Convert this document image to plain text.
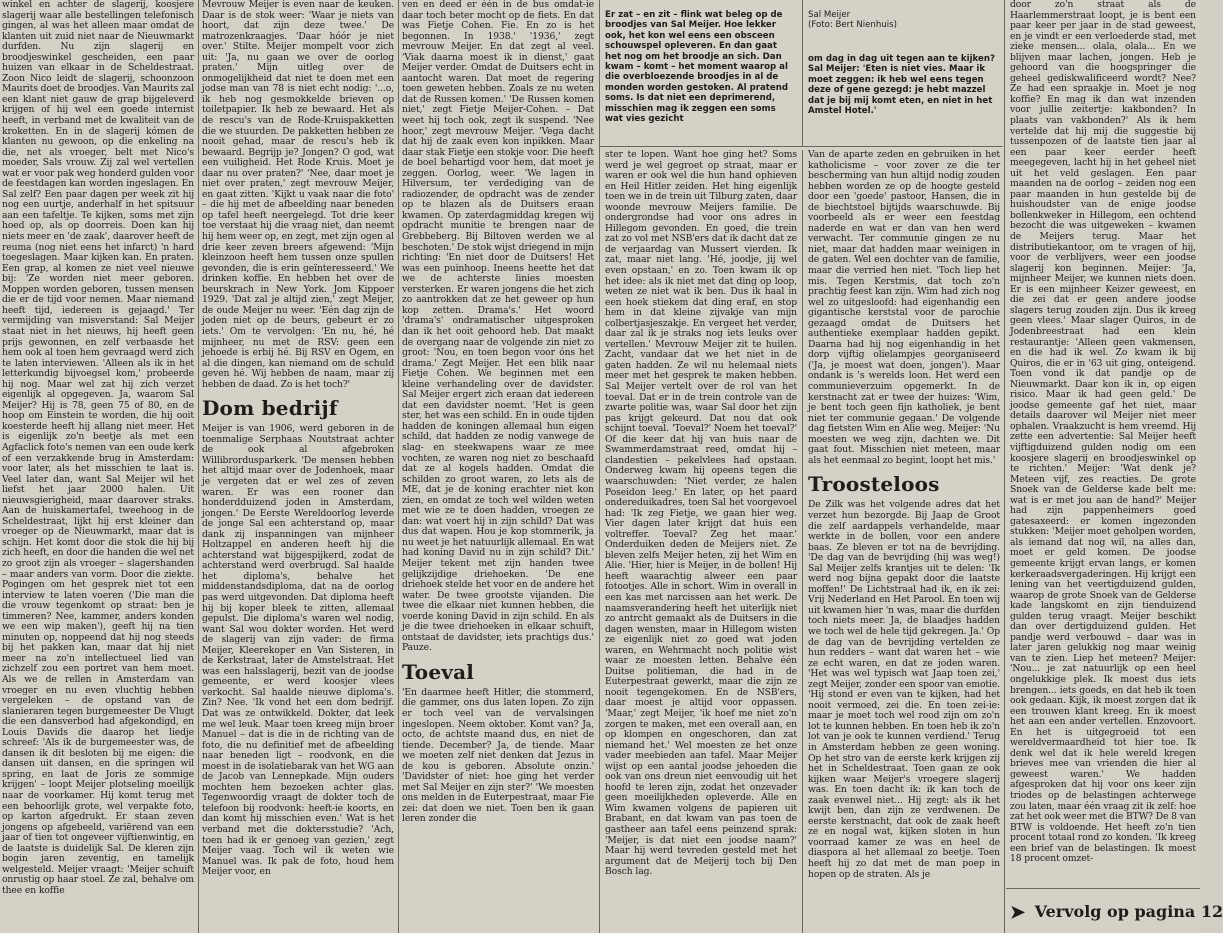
winkel en achter de slagerij, koosjere slagerij waar alle bestellingen telefonisch gingen, al was het alleen maar omdat de klanten uit zuid niet naar de Nieuwmarkt durfden. Nu zijn slagerij en broodjeswinkel gescheiden, een paar huizen van elkaar in de Scheldestraat. Zoon Nico leidt de slagerij, schoonzoon Maurits doet de broodjes. Van Maurits zal een klant niet gauw de grap bijgeleverd krijgen of hij wel een goede internist heeft, in verband met de kwaliteit van de kroketten. En in de slagerij kómen de klanten nu gewoon, op die enkeling na die, net als vroeger, belt met Nico's moeder, Sals vrouw. Zij zal wel vertellen wat er voor pak weg honderd gulden voor de feestdagen kan worden ingeslagen. En Sal zelf? Een paar dagen per week zit hij nog een uurtje, anderhalf in het spitsuur aan een tafeltje. Te kijken, soms met zijn hoed op, als op doorreis. Doen kan hij niets meer en 'de zaak', daarover heeft de reuma (nog niet eens het infarct) 'n hard toegeslagen. Maar kijken kan. En praten. Een grap, al komen ze niet veel nieuwe bij: 'Ze worden niet meer geboren. Moppen worden geboren, tussen mensen die er de tijd voor nemen. Maar niemand heeft tijd, iedereen is gejaagd.' Ter vermijding van misverstand: Sal Meijer staat niet in het nieuws, hij heeft geen prijs gewonnen, en zelf verbaasde het hem ook al toen hem gevraagd werd zich te laten interviewen. 'Alleen als ik in het letterkundig bijvoegsel kom,' probeerde hij nog. Maar wel zat hij zich verzet eigenlijk al opgegeven. Ja, waarom Sal Meijer? Hij is 78, geen 75 of 80, en de hoop om Einstein te worden, die hij ooit koesterde heeft hij allang niet meer. Het is eigenlijk zo'n beetje als met een Agfaclick foto's nemen van een oude kerk of een verzakkende brug in Amsterdam: voor later, als het misschien te laat is. Veel later dan, want Sal Meijer wil het liefst het jaar 2000 halen. Uit nieuwsgierigheid, maar daarover straks. Aan de huiskamertafel, tweehoog in de Scheldestraat, lijkt hij erst kleiner dan vroeger op de Nieuwmarkt, maar dat is schijn. Het komt door die stok die hij bij zich heeft, en door die handen die wel net zo groot zijn als vroeger – slagershanden – maar anders van vorm. Door die ziekte. Pogingen om het gesprek niet tot een interview te laten voeren ('Die man die die vrouw tegenkomt op straat: ben je timmeren? Nee, kammer, anders konden we een wip maken'), geeft hij na tien minuten op, noppeend dat hij nog steeds bij het pakken kan, maar dat hij niet meer na zo'n intellectueel lied van zichzelf zou een portret van hem moet. Als we de rellen in Amsterdam van vroeger en nu even vluchtig hebben vergeleken – de opstand van de slanieraren tegen burgemeester De Vlugt die een dansverbod had afgekondigd, en Louis Davids die daarop het liedje schreef: 'Als ik de burgemeester was, de dansen ik dit besloten bij me eigen: die dansen uit dansen, en die springen wil spring, en laat de Joris ze sommige krijgen' – loopt Meijer plotseling moeilijk naar de voorkamer. Hij komt terug met een behoorlijk grote, wel verpakte foto, op karton afgedrukt. Er staan zeven jongens op afgebeeld, variërend van een jaar of tien tot ongeveer vijftienwintig, en de laatste is duidelijk Sal. De kleren zijn bogin jaren zeventig, en tamelijk welgesteld. Meijer vraagt: 'Meijer schuift onrustig op haar stoel. Ze zal, behalve om thee en koffie

Mevrouw Meijer is even naar de keuken. Daar is de stok weer: 'Waar je niets van hoort, dat zijn deze twee.' De matrozenkraagjes. 'Daar hóór je niet over.' Stilte. Meijer mompelt voor zich uit: 'Ja, nu gaan we over de oorlog praten.' Mijn uitleg over de onmogelijkheid dat niet te doen met een jodse man van 78 is niet echt nodig: '...o, ik heb nog gesmokkelde brieven op toiletpapier. Ik heb ze bewaard. Het als de rescu's van de Rode-Kruispakketten die we stuurden. De pakketten hebben ze nooit gehad, maar de rescu's heb ik bewaard. Begrijp je? Jongen? O god, wat een vuiligheid. Het Rode Kruis. Moet je daar nu over praten?' 'Nee, daar moet je niet over praten,' zegt mevrouw Meijer, en gaat zitten. 'Kijkt u vaak naar die foto' – die hij met de afbeelding naar beneden op tafel heeft neergelegd. Tot drie keer toe verstaat hij die vraag niet, dan neemt hij hem weer op, en zegt, met zijn ogen al drie keer zeven breers afgewend: 'Mijn kleinzoon heeft hem tussen onze spullen gevonden, die is erin geïnteresseerd.' We drinken koffie. En hebben het over de beurskrach in New York. Jom Kippoer 1929. 'Dat zal je altijd zien,' zegt Meijer, de oude Meijer nu weer. 'Eén dag zijn de joden niet op de beurs, gebeurt er zo iets.' Om te vervolgen: 'En nu, hé, hé mijnheer, nu met de RSV: geen een jehoede is erbij hé. Bij RSV en Ogem, en al die dingen, kan niemand om de schuld geven hé. Wij hebben de naam, maar zij hebben de daad. Zo is het toch?'

Dom bedrijf

Meijer is van 1906, werd geboren in de toenmalige Serphaas Noutstraat achter de ook al afgebroken Willibrordusparkerk. 'De mensen hebben het altijd maar over de Jodenhoek, maar je vergeten dat er wel zes of zeven waren. Er was een rooner dan honderdduizend joden in Amsterdam, jongen.' De Eerste Wereldoorlog leverde de jonge Sal een achterstand op, maar dank zij inspanningen van mijnheer Holtzappel en anderen heeft hij die achterstand wat bijgespijkerd, zodat de achterstand werd overbrugd. Sal haalde het diploma's, behalve het middenstandsdiploma, dat na de oorlog pas werd uitgevonden. Dat diploma heeft hij bij koper bleek te zitten, allemaal gepulst. Die diploma's waren wel nodig, want Sal wou dokter worden. Het werd de slagerij van zijn vader: de firma Meijer, Kleerekoper en Van Sisteren, in de Kerkstraat, later de Amstelstraat. Het was een halsslagerij, bezit van de joodse gemeente, er werd koosjer vlees verkocht. Sal haalde nieuwe diploma's. Zin? Nee. 'Ik vond het een dom bedrijf. Dat was ze ontwikkeld. Dokter, dat leek me wel leuk. Maar toen kreeg mijn broer Manuel – dat is die in de richting van de foto, die nu definitief met de afbeelding naar beneden ligt – roodvonk, en die moest in de isolatiebarak van het WG aan de Jacob van Lennepkade. Mijn ouders mochten hem bezoeken achter glas. Tegenwoordig vraagt de dokter toch de telefoon bij roodvonk: heeft-ie koorts, en dan komt hij misschien even.' Wat is het verband met die doktersstudie? 'Ach, toen had ik er genoeg van gezien,' zegt Meijer vaag. Toch wil ik weten wie Manuel was. Ik pak de foto, houd hem Meijer voor, en

ven en deed er één in de bus omdat-ie daar toch beter mocht op de fiets. En dat was Fietje Cohen. Fie. En zo is het begonnen. In 1938.' '1936,' zegt mevrouw Meijer. En dat zegt al veel. 'Viak daarna moest ik in dienst,' gaat Meijer verder. Omdat de Duitsers echt in aantocht waren. Dat moet de regering toen geweten hebben. Zoals ze nu weten dat de Russen komen.' 'De Russen komen niet,' zegt Fietje Meijer-Cohen. – Dat weet hij toch ook, zegt ik suspend. 'Nee hoor,' zegt mevrouw Meijer. 'Vega dacht dat hij de zaak even kon inpikken. Maar daar stak Fietje een stokje voor. Die heeft de boel behartigd voor hem, dat moet je zeggen. Oorlog, weer. 'We lagen in Hilversum, ter verdediging van de radiozender, de opdracht was de zender op te blazen als de Duitsers eraan kwamen. Op zaterdagmiddag kregen wij opdracht munitie te brengen naar de Grebbeberg. Bij Biltoven werden we al beschoten.' De stok wijst driegend in mijn richting: 'En niet door de Duitsers! Het was een puinhoop. Ineens heette het dat we de achterste linies moesten versterken. Er waren jongens die het zich zo aantrokken dat ze het geweer op hun kop zetten. Drama's.' Het woord 'drama's' ondramatischer uitgesproken dan ik het ooit gehoord heb. Dat maakt de overgang naar de volgende zin niet zo groot: 'Nou, en toen begon voor óns het drama.' Zegt Meijer. Het een blik naar Fietje Cohen. We beginnen met een kleine verhandeling over de davidster. Sal Meijer ergert zich eraan dat iedereen dat een davidster noemt. 'Het is geen ster, het was een schild. En in oude tijden hadden de koningen allemaal hun eigen schild, dat hadden ze nodig vanwege de slag- en steekwapens waar ze mee vochten, ze waren nog niet zo beschaafd dat ze al kogels hadden. Omdat die schilden zo groot waren, zo lets als de ME, dat je de koning erachter niet kon zien, en omdat ze toch wel wilden weten met wie ze te doen hadden, vroegen ze dan: wat voert hij in zijn schild? Dat was dus dat wapen. Hou je kop stommerik, ja nu weet je het natuurlijk allemaal. En wat had koning David nu in zijn schild? Dit.' Meijer tekent met zijn handen twee gelijkzijdige driehoeken. 'De ene driehoek stelde het voor en de andere het water. De twee grootste vijanden. Die twee die elkaar niet kunnen hebben, die voerde koning David in zijn schild. En als je die twee driehoeken in elkaar schuift, ontstaat de davidster, iets prachtigs dus.' Pauze.

Toeval

'En daarmee heeft Hitler, die stommerd, die gammer, ons dus laten lopen. Zo zijn er toch veel van de vervalsingen ingeslopen. Neem oktober. Komt van? Ja, octo, de achtste maand dus, en niet de tiende. December? Ja, de tiende. Maar we moeten zelf niet denken dat Jezus in de kou is geboren. Absolute onzin.' 'Davidster of niet: hoe ging het verder met Sal Meijer en zijn ster?' 'We moesten ons melden in de Euterpestraat, maar Fie zei: dat doen we niet. Toen ben ik gaan leren zonder die

Er zat – en zit – flink wat beleg op de broodjes van Sal Meijer. Hoe lekker ook, het kon wel eens een obsceen schouwspel opleveren. En dan gaat het nog om het broodje an sich. Dan kwam – komt – het moment waarop al die overbloezende broodjes in al de monden worden gestoken. Al pratend soms. Is dat niet een deprimerend, misschien mag ik zeggen een soms wat vies gezicht
Sal Meijer
(Foto: Bert Nienhuis)
om dag in dag uit tegen aan te kijken? Sal Meijer: 'Eten is niet vies. Maar ik moet zeggen: ik heb wel eens tegen deze of gene gezegd: je hebt mazzel dat je bij mij komt eten, en niet in het Amstel Hotel.'

ster te lopen. Want hoe ging het? Soms werd je wel gegroet op straat, maar er waren er ook wel die hun hand ophieven en Heil Hitler zeiden. Het hing eigenlijk toen we in de trein uit Tilburg zaten, daar woonde mevrouw Meijers familie. De ondergrondse had voor ons adres in Hillegom gevonden. En goed, die trein zat zo vol met NSB'ers dat ik dacht dat ze de verjaardag van Mussert vierden. Ik zat, maar niet lang. 'Hé, joodje, jij wel even opstaan,' en zo. Toen kwam ik op het idee: als ik niet met dat ding op loop, weten ze niet wat ik ben. Dus ik haal in een hoek stiekem dat ding eraf, en stop hem in dat kleine zijvakje van mijn colbertjasjeszakje. En vergeet het verder, daar zal ik je straks nog iets leuks over vertellen.' Mevrouw Meijer zit te huilen. Zacht, vandaar dat we het niet in de gaten hadden. Ze wil nu helemaal niets meer met het gesprek te maken hebben. Sal Meijer vertelt over de rol van het toeval. Dat er in de trein controle van de zwarte politie was, waar Sal door het zijn pas krijgt gekeurd. Dat nou dat ook schijnt toeval. 'Toeval?' Noem het toeval?' Of die keer dat hij van huis naar de Swammerdamstraat reed, omdat hij – clandestien – pekelvlees had opstaan. Onderweg kwam hij opeens tegen die waarschuwden: 'Niet verder, ze halen Poseidon leeg.' En later, op het paard ondereduikadres, toen Sal het voorgevoel had: 'Ik zeg Fietje, we gaan hier weg. Vier dagen later krijgt dat huis een voltreffer. Toeval? Zeg het maar.' Onderduiken deden de Meijers niet. Ze bleven zelfs Meijer heten, zij het Wim en Alie. 'Hier, hier is Meijer, in de bollen! Hij heeft waarachtig alweer een paar fotootjes. Alle in schort. Wim in overall in een kas met narcissen aan het werk. De naamsverandering heeft het uiterlijk niet zo antrcht gemaakt als de Duitsers in die dagen wensten, maar in Hillegom wisten ze eigenlijk niet zo goed wat joden waren, en Wehrmacht noch politie wist waar ze moesten letten. Behalve één Duitse politieman, die had in de Euterpestraat gewerkt, maar die zijn ze nooit tegengekomen. En de NSB'ers, daar moest je altijd voor oppassen. 'Maar,' zegt Meijer, 'ik hoef me niet zo'n zorgen te maken, met een overall aan, en op klompen en ongeschoren, dan zat niemand het.' Wel moesten ze het onze vader meebieden aan tafel. Maar Meijer wijst op een aantal joodse jehoeden die ook van ons dreun niet eenvoudig uit het hoofd te leren zijn, zodat het onzevader geen moeilijkheden opleverde. Alle en Wim kwamen volgens de papieren uit Brabant, en dat kwam van pas toen de gastheer aan tafel eens peinzend sprak: 'Meijer, is dat niet een joodse naam?' Maar hij werd tevreden gesteld met het argument dat de Meijerij toch bij Den Bosch lag.

Van de aparte zeden en gebruiken in het katholicisme – voor zover ze die ter bescherming van hun altijd nodig zouden hebben worden ze op de hoogte gesteld door een 'goede' pastoor, Hansen, die in de biechtstoel bijtijds waarschuwde. Bij voorbeeld als er weer een feestdag naderde en wat er dan van hen werd verwacht. Ter communie gingen ze nu niet, maar dat hadden maar weinigen in de gaten. Wel een dochter van de familie, maar die verried hen niet. 'Toch liep het mis. Tegen Kerstmis, dat toch zo'n prachtig feest kan zijn. Wim had zich nog wel zo uitgesloofd: had eigenhandig een gigantische kerststal voor de parochie gezaagd omdat de Duitsers het authentieke exemplaar hadden gepikt. Daarna had hij nog eigenhandig in het dorp vijftig olielampjes georganiseerd ('Ja, je moest wat doen, jongen'). Maar ondank is 's werelds loon. Het werd een communieverzuim opgemerkt. In de kerstnacht zat er twee der huizes: 'Wim, je bent toch geen fijn katholiek, je bent niet ter communie gegaan.' De volgende dag fietsten Wim en Alie weg. Meijer: 'Nu moesten we weg zijn, dachten we. Dit gaat fout. Misschien niet meteen, maar als het eenmaal zo begint, loopt het mis.'

Troosteloos

De Zilk was het volgende adres dat het verzet hun bezorgde. Bij Jaap de Groot die zelf aardappels verhandelde, maar werkte in de bollen, voor een andere baas. Ze bleven er tot na de bevrijding. 'De dag van de bevrijding (hij was weg!) Sal Meijer zelfs krantjes uit te delen: 'Ik werd nog bijna gepakt door die laatste moffen!' De Lichtstraal had ik, en ik zei: Vrij Nederland en Het Parool. En toen wij uit kwamen hier 'n was, maar die durfden toch niets meer. Ja, de blaadjes hadden we toch wel de hele tijd gekregen. Ja.' Op de dag van de bevrijding vertelden ze hun redders – want dat waren het – wie ze echt waren, en dat ze joden waren. 'Het was wel typisch wat Jaap toen zei,' zegt Meijer, zonder een spoor van emotie. 'Hij stond er even van te kijken, had het nooit vermoed, zei die. En toen zei-ie: maar je moet toch wel rood zijn om zo'n lot te kunnen hebben. En toen heb ik zo'n lot van je ook te kunnen verdiend.' Terug in Amsterdam hebben ze geen woning. Op het stro van de eerste kerk krijgen zij het in Scheldestraat. Toen gaan ze ook kijken waar Meijer's vroegere slagerij was. En toen dacht ik: ik kan toch de zaak evenwel niet... Hij zegt: als ik het kwijt ben, dan zijn ze verdwenen. De eerste kerstnacht, dat ook de zaak heeft ze en nogal wat, kijken sloten in hun voorraad kamer ze was en heel de diaspora al het allemaal zo beetje. Toen heeft hij zo dat met de man poep in hopen op de straten. Als je

door zo'n straat als de Haarlemmerstraat loopt, je is bent een paar keer per jaar in de stad geweest, en je vindt er een verloederde stad, met zieke mensen... olala, olala... En we blijven maar lachen, jongen. Heb je gehoord van die hoogspringer die geheel gediskwalificeerd wordt? Nee? Ze had een spraakje in. Moet je nog koffie? En mag ik dan wat inzenden voor jullie zeitertje: kakbonden? In plaats van vakbonden?' Als ik hem vertelde dat hij mij die suggestie bij tussenpozen of de laatste tien jaar al een paar keer eerder heeft meegegeven, lacht hij in het geheel niet uit het veld geslagen. Een paar maanden na de oorlog – zeiden nog een paar maanden in hun gestelde bij de huishoudster van de enige joodse bollenkweker in Hillegom, een ochtend bezocht die was uitgeweken – kwamen de Meijers terug. Maar het distributiekantoor, om te vragen of hij, voor de verblijvers, weer een joodse slagerij kon beginnen. Meijer: 'Ja, mijnheer Meijer, we kunnen niets doen. Er is een mijnheer Keizer geweest, en die zei dat er geen andere joodse slagers terug zouden zijn. Dus ik kreeg geen vlees.' Maar slager Quiros, in de Jodenbreestraat had een klein restaurantje: 'Alleen geen vakmensen, en die had ik wel. Zo kwam ik bij Quiros, die er in '63 uit ging, onteigend. Toen vond ik dat pandje op de Nieuwmarkt. Daar kon ik in, op eigen risico. Maar ik had geen geld.' De joodse gemeente gaf het niet, maar details daarover wil Meijer niet meer ophalen. Vraakzucht is hem vreemd. Hij zette een advertentie: Sal Meijer heeft vijftigduizend gulden nodig om een koosjere slagerij en broodjeswinkel op te richten.' Meijer: 'Wat denk je? Meteen vijf, zes reacties. De grote Snoek van de Gelderse kade belt me: wat is er met jou aan de hand?' Meijer had zijn pappenheimers goed gatesaxeerd: er komen ingezonden stukken: 'Meijer moet geholpen worden, als iemand dat nog wil, na alles dan, moet er geld komen. De joodse gemeente krijgt ervan langs, er komen kerkeraadsvergaderingen. Hij krijgt een lening van het veertigduizend gulden, waarop de grote Snoek van de Gelderse kade langskomt en zijn tienduizend gulden terug vraagt. Meijer beschikt dan over dertigduizend gulden. Het pandje werd verbouwd – daar was in later jaren gelukkig nog maar weinig van te zien. Liep het meteen? Meijer: 'Nou... je zat natuurlijk op een heel ongelukkige plek. Ik moest dus iets brengen... iets goeds, en dat heb ik toen ook gedaan. Kijk, ik moest zorgen dat ik een trouwen klant kreeg. En ik moest het aan een ander vertellen. Enzovoort. En het is uitgegroeid tot een wereldvermaardheid tot hier toe. Ik denk wel dat ik hele wereld kregen brieves mee van vrienden die hier al geweest waren.' We hadden afgesproken dat hij voor ons keer zijn triodes op de belastingen achterwege zou laten, maar één vraag zit ik zelf: hoe zat het ook weer met die BTW? De 8 van BTW is voldoende. Het heeft zo'n tien procent totaal rond zo konden. 'Ik kreeg een brief van de belastingen. Ik moest 18 procent omzet-

➤ Vervolg op pagina 12
